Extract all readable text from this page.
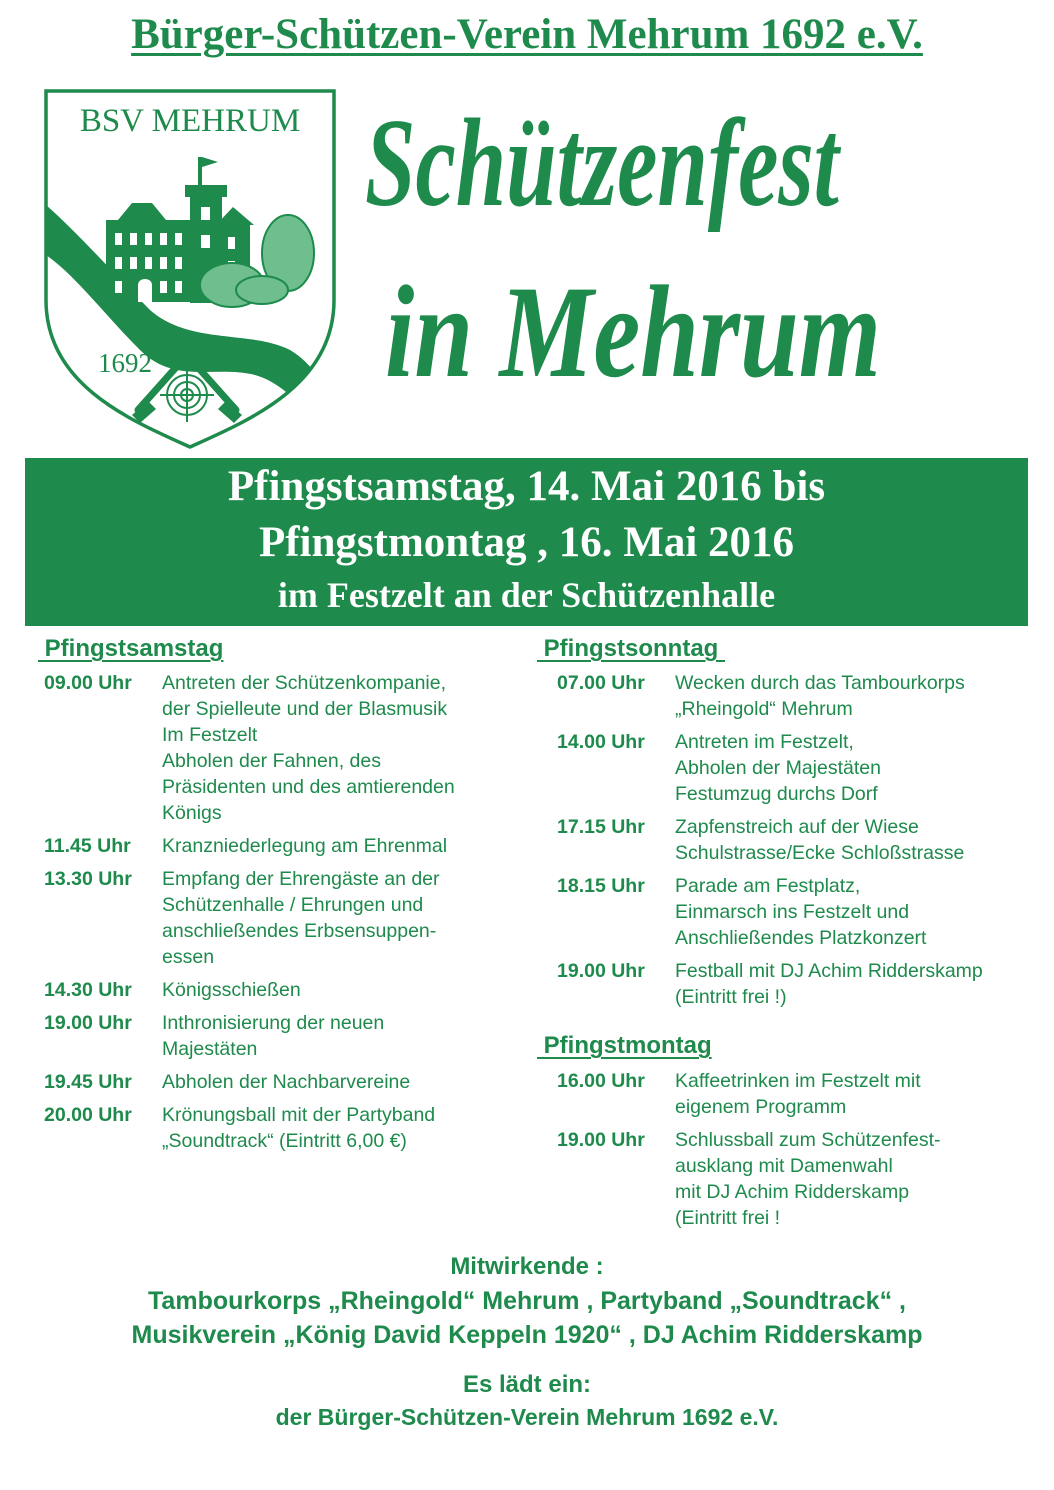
Bürger-Schützen-Verein Mehrum 1692 e.V.
BSV MEHRUM
1692
Schützenfest
in Mehrum
Pfingstsamstag, 14. Mai 2016 bis
Pfingstmontag , 16. Mai 2016
im Festzelt an der Schützenhalle
Pfingstsamstag
09.00 Uhr Antreten der Schützenkompanie,
der Spielleute und der Blasmusik
Im Festzelt
Abholen der Fahnen, des
Präsidenten und des amtierenden
Königs
11.45 Uhr Kranzniederlegung am Ehrenmal
13.30 Uhr Empfang der Ehrengäste an der
Schützenhalle / Ehrungen und
anschließendes Erbsensuppen-
essen
14.30 Uhr Königsschießen
19.00 Uhr Inthronisierung der neuen
Majestäten
19.45 Uhr Abholen der Nachbarvereine
20.00 Uhr Krönungsball mit der Partyband
„Soundtrack“ (Eintritt 6,00 €)
Pfingstsonntag
07.00 Uhr Wecken durch das Tambourkorps
„Rheingold“ Mehrum
14.00 Uhr Antreten im Festzelt,
Abholen der Majestäten
Festumzug durchs Dorf
17.15 Uhr Zapfenstreich auf der Wiese
Schulstrasse/Ecke Schloßstrasse
18.15 Uhr Parade am Festplatz,
Einmarsch ins Festzelt und
Anschließendes Platzkonzert
19.00 Uhr Festball mit DJ Achim Ridderskamp
(Eintritt frei !)
Pfingstmontag
16.00 Uhr Kaffeetrinken im Festzelt mit
eigenem Programm
19.00 Uhr Schlussball zum Schützenfest-
ausklang mit Damenwahl
mit DJ Achim Ridderskamp
(Eintritt frei !
Mitwirkende :
Tambourkorps „Rheingold“ Mehrum , Partyband „Soundtrack“ ,
Musikverein „König David Keppeln 1920“ , DJ Achim Ridderskamp
Es lädt ein:
der Bürger-Schützen-Verein Mehrum 1692 e.V.
